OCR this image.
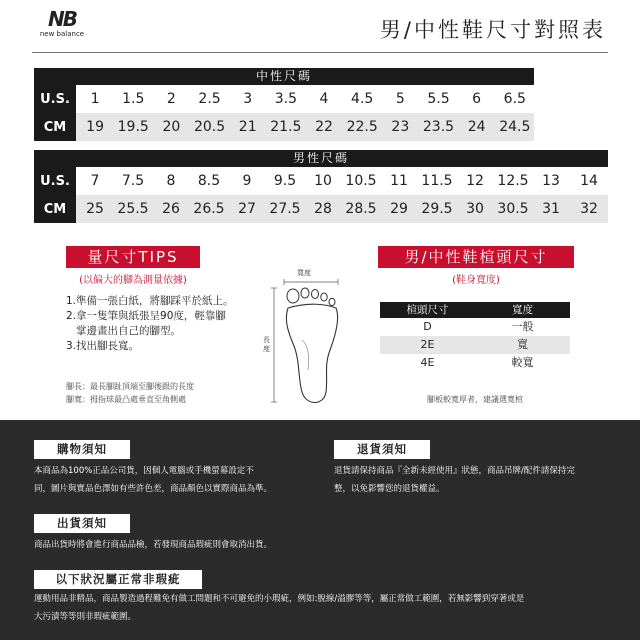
NB
new balance	男/中性鞋尺寸對照表
中性尺碼
U.S.	1	1.5	2	2.5	3	3.5	4	4.5	5	5.5	6	6.5
CM	19 19.5 20 20.5 21 21.5 22 22.5 23 23.5 24 24.5
男性尺碼
U.S.	7	7.5	8	8.5	9	9.5	10 10.5 11 11.5 12 12.5 13	14
CM	25 25.5 26 26.5 27 27.5 28 28.5 29 29.5 30 30.5 31	32
量尺寸TIPS
(以偏大的腳為測量依據)
1.準備一張白紙，將腳踩平於紙上。
2.拿一隻筆與紙張呈90度，輕靠腳
掌邊畫出自己的腳型。
3.找出腳長寬。
腳長：最長腳趾頂端至腳後跟的長度
腳寬：拇指球最凸處垂直至角側處
寬度
長
度
男/中性鞋楦頭尺寸
(鞋身寬度)
楦頭尺寸	寬度
D	一般
2E	寬
4E	較寬
腳板較寬厚者，建議選寬楦
購物須知
本商品為100%正品公司貨，因個人電腦或手機螢幕設定不
同，圖片與實品色澤如有些許色差，商品顏色以實際商品為準。
退貨須知
退貨請保持商品『全新未經使用』狀態，商品吊牌/配件請保持完
整，以免影響您的退貨權益。
出貨須知
商品出貨時將會進行商品品檢，若發現商品瑕疵則會取消出貨。
以下狀況屬正常非瑕疵
運動用品非精品，商品製造過程難免有做工問題和不可避免的小瑕疵，例如:脫線/溢膠等等，屬正常做工範圍，若無影響到穿著或是
大污漬等等則非瑕疵範圍。
